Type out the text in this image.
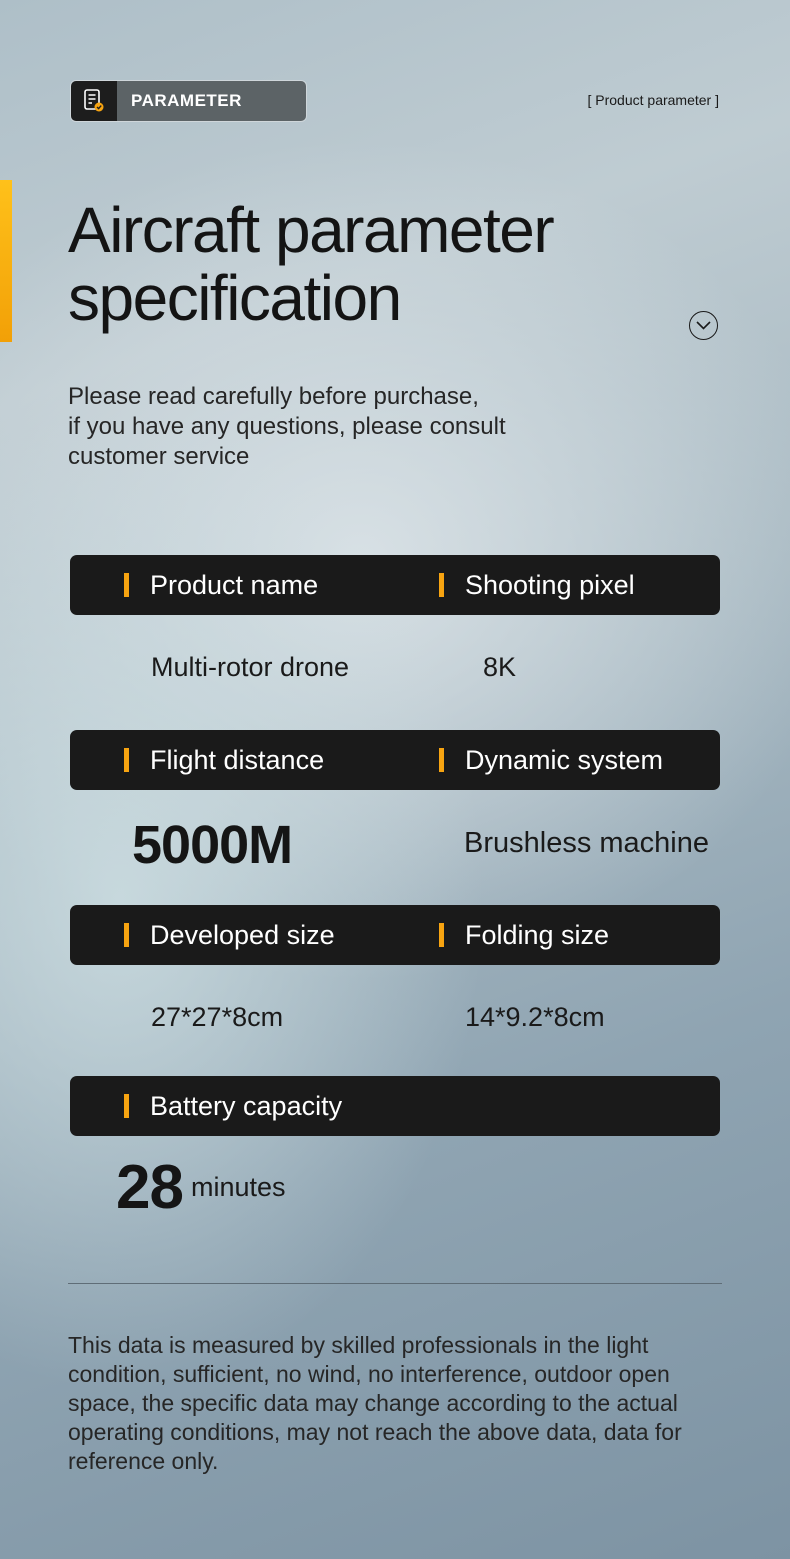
PARAMETER	[ Product parameter ]
Aircraft parameter
specification
Please read carefully before purchase,
if you have any questions, please consult
customer service
Product name	Shooting pixel
Multi-rotor drone	8K
Flight distance	Dynamic system
5000M	Brushless machine
Developed size	Folding size
27*27*8cm	14*9.2*8cm
Battery capacity
28 minutes
This data is measured by skilled professionals in the light condition, sufficient, no wind, no interference, outdoor open space, the specific data may change according to the actual operating conditions, may not reach the above data, data for reference only.
